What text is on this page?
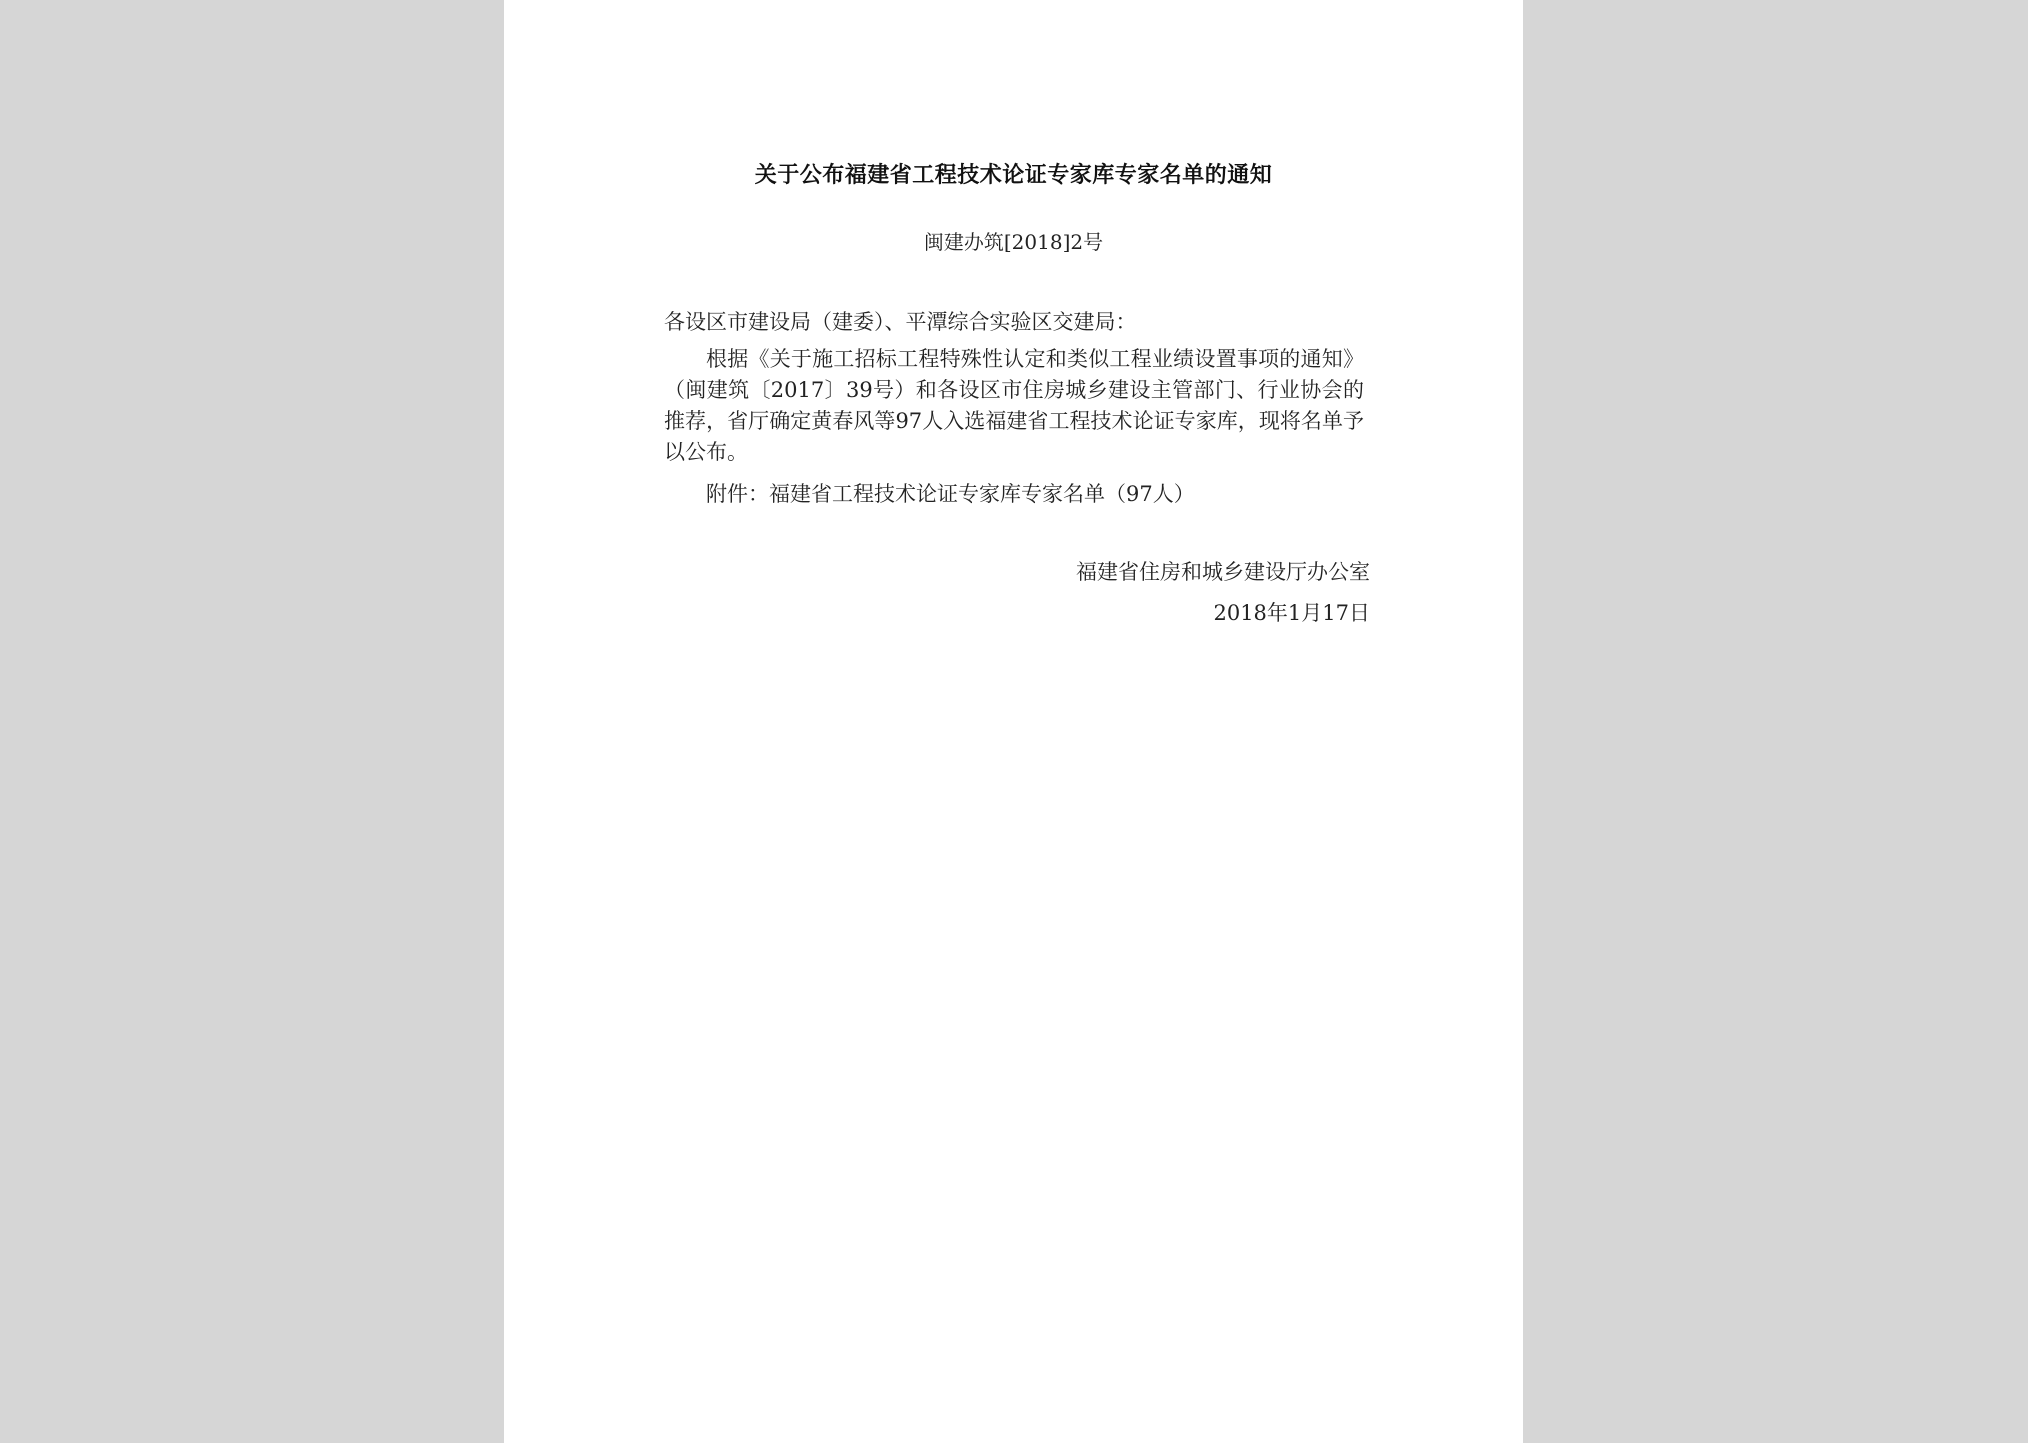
关于公布福建省工程技术论证专家库专家名单的通知
闽建办筑[2018]2号
各设区市建设局（建委）、平潭综合实验区交建局：
根据《关于施工招标工程特殊性认定和类似工程业绩设置事项的通知》（闽建筑〔2017〕39号）和各设区市住房城乡建设主管部门、行业协会的推荐，省厅确定黄春风等97人入选福建省工程技术论证专家库，现将名单予以公布。
附件：福建省工程技术论证专家库专家名单（97人）
福建省住房和城乡建设厅办公室
2018年1月17日
